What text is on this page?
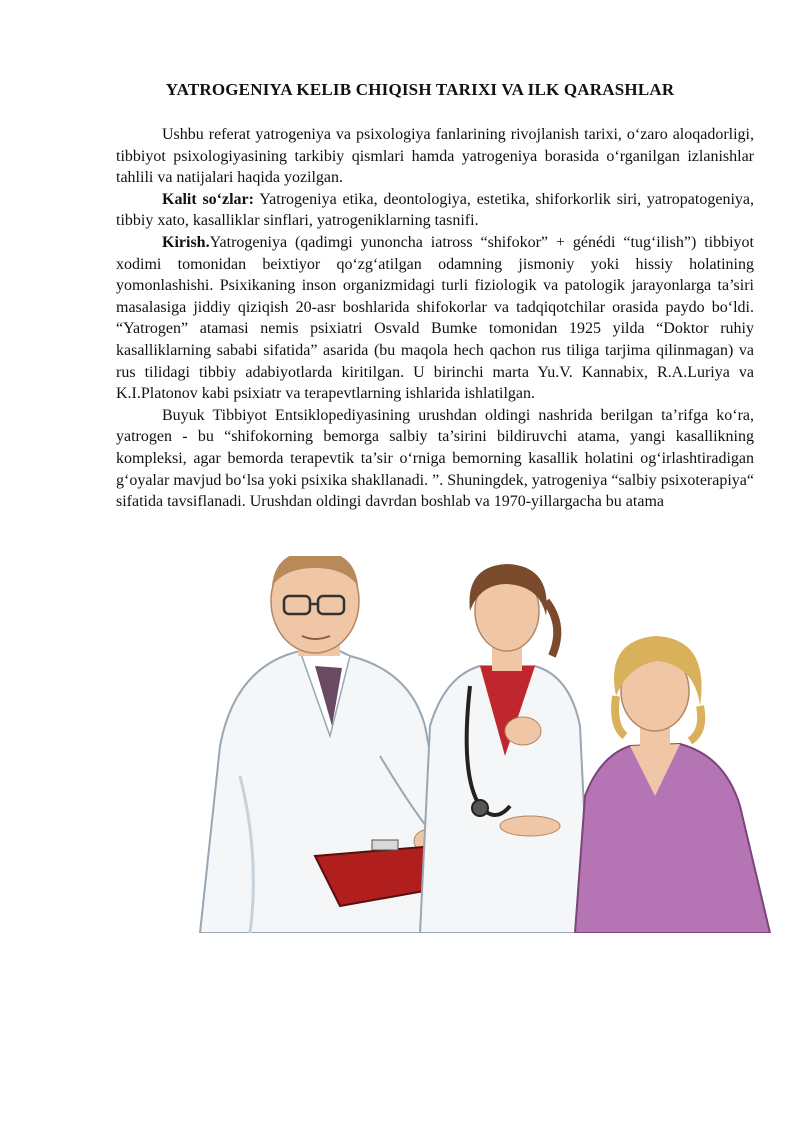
YATROGENIYA KELIB CHIQISH TARIXI VA ILK QARASHLAR

Ushbu referat yatrogeniya va psixologiya fanlarining rivojlanish tarixi, o‘zaro aloqadorligi, tibbiyot psixologiyasining tarkibiy qismlari hamda yatrogeniya borasida o‘rganilgan izlanishlar tahlili va natijalari haqida yozilgan.

Kalit so‘zlar: Yatrogeniya etika, deontologiya, estetika, shiforkorlik siri, yatropatogeniya, tibbiy xato, kasalliklar sinflari, yatrogeniklarning tasnifi.

Kirish.Yatrogeniya (qadimgi yunoncha iatross “shifokor” + génédi “tug‘ilish”) tibbiyot xodimi tomonidan beixtiyor qo‘zg‘atilgan odamning jismoniy yoki hissiy holatining yomonlashishi. Psixikaning inson organizmidagi turli fiziologik va patologik jarayonlarga ta’siri masalasiga jiddiy qiziqish 20-asr boshlarida shifokorlar va tadqiqotchilar orasida paydo bo‘ldi. “Yatrogen” atamasi nemis psixiatri Osvald Bumke tomonidan 1925 yilda “Doktor ruhiy kasalliklarning sababi sifatida” asarida (bu maqola hech qachon rus tiliga tarjima qilinmagan) va rus tilidagi tibbiy adabiyotlarda kiritilgan. U birinchi marta Yu.V. Kannabix, R.A.Luriya va K.I.Platonov kabi psixiatr va terapevtlarning ishlarida ishlatilgan.

Buyuk Tibbiyot Entsiklopediyasining urushdan oldingi nashrida berilgan ta’rifga ko‘ra, yatrogen - bu “shifokorning bemorga salbiy ta’sirini bildiruvchi atama, yangi kasallikning kompleksi, agar bemorda terapevtik ta’sir o‘rniga bemorning kasallik holatini og‘irlashtiradigan g‘oyalar mavjud bo‘lsa yoki psixika shakllanadi. ”. Shuningdek, yatrogeniya “salbiy psixoterapiya“ sifatida tavsiflanadi. Urushdan oldingi davrdan boshlab va 1970-yillargacha bu atama
